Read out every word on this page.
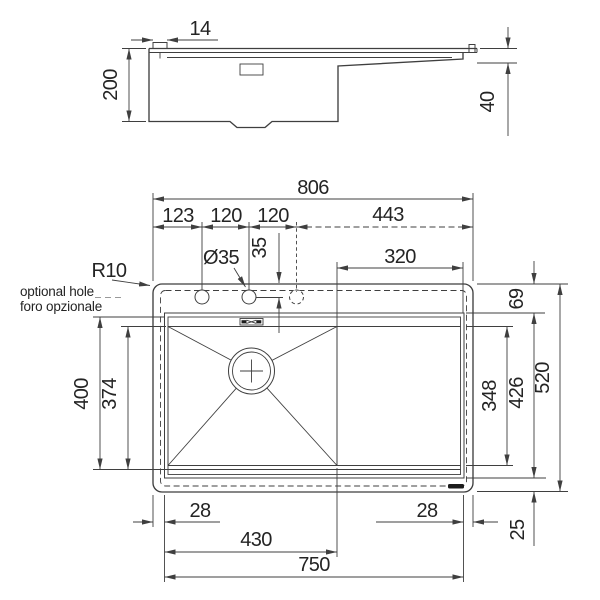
14
200
40
806
123 120 120	443
320
35
Ø35
R10
optional hole
foro opzionale
400 374
69
426
348
520
25
28	28
430
750
